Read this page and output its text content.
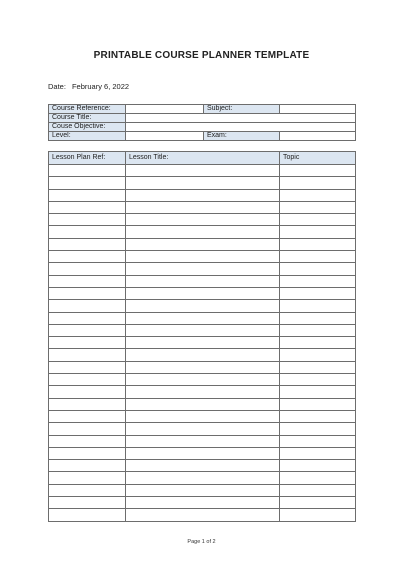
PRINTABLE COURSE PLANNER TEMPLATE
Date: February 6, 2022
Course Reference:		Subject:	
Course Title:			
Couse Objective:			
Level:		Exam:	
Lesson Plan Ref:	Lesson Title:	Topic

Page 1 of 2
